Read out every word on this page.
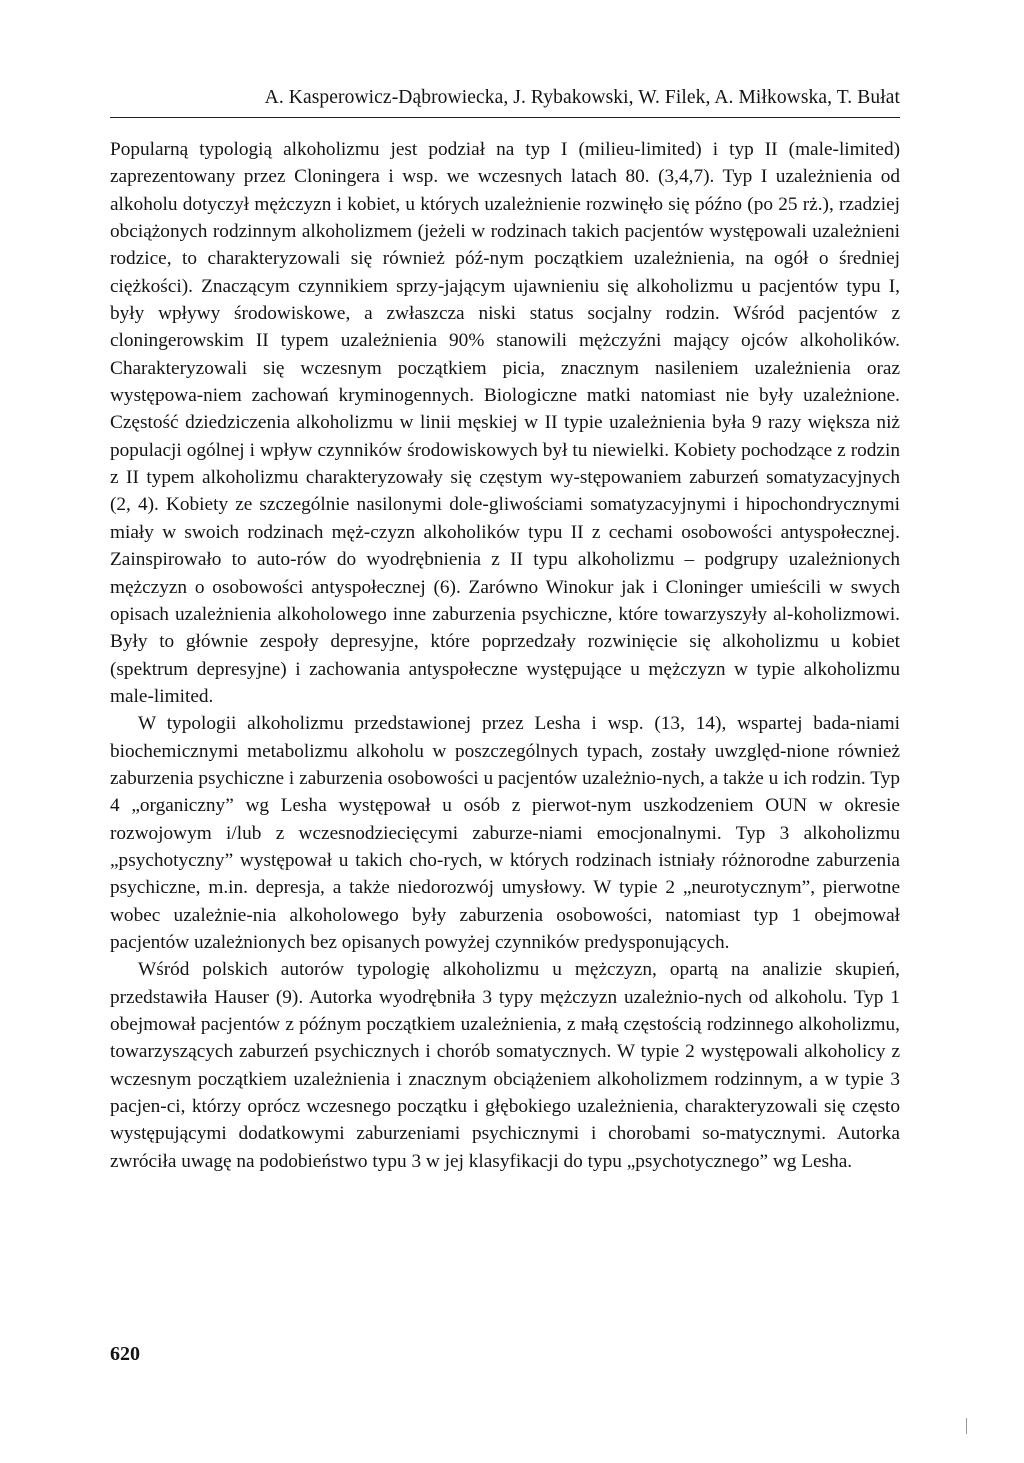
A. Kasperowicz-Dąbrowiecka, J. Rybakowski, W. Filek, A. Miłkowska, T. Bułat

Popularną typologią alkoholizmu jest podział na typ I (milieu-limited) i typ II (male-limited) zaprezentowany przez Cloningera i wsp. we wczesnych latach 80. (3,4,7). Typ I uzależnienia od alkoholu dotyczył mężczyzn i kobiet, u których uzależnienie rozwinęło się późno (po 25 rż.), rzadziej obciążonych rodzinnym alkoholizmem (jeżeli w rodzinach takich pacjentów występowali uzależnieni rodzice, to charakteryzowali się również póź-nym początkiem uzależnienia, na ogół o średniej ciężkości). Znaczącym czynnikiem sprzy-jającym ujawnieniu się alkoholizmu u pacjentów typu I, były wpływy środowiskowe, a zwłaszcza niski status socjalny rodzin. Wśród pacjentów z cloningerowskim II typem uzależnienia 90% stanowili mężczyźni mający ojców alkoholików. Charakteryzowali się wczesnym początkiem picia, znacznym nasileniem uzależnienia oraz występowa-niem zachowań kryminogennych. Biologiczne matki natomiast nie były uzależnione. Częstość dziedziczenia alkoholizmu w linii męskiej w II typie uzależnienia była 9 razy większa niż populacji ogólnej i wpływ czynników środowiskowych był tu niewielki. Kobiety pochodzące z rodzin z II typem alkoholizmu charakteryzowały się częstym wy-stępowaniem zaburzeń somatyzacyjnych (2, 4). Kobiety ze szczególnie nasilonymi dole-gliwościami somatyzacyjnymi i hipochondrycznymi miały w swoich rodzinach męż-czyzn alkoholików typu II z cechami osobowości antyspołecznej. Zainspirowało to auto-rów do wyodrębnienia z II typu alkoholizmu – podgrupy uzależnionych mężczyzn o osobowości antyspołecznej (6). Zarówno Winokur jak i Cloninger umieścili w swych opisach uzależnienia alkoholowego inne zaburzenia psychiczne, które towarzyszyły al-koholizmowi. Były to głównie zespoły depresyjne, które poprzedzały rozwinięcie się alkoholizmu u kobiet (spektrum depresyjne) i zachowania antyspołeczne występujące u mężczyzn w typie alkoholizmu male-limited.

W typologii alkoholizmu przedstawionej przez Lesha i wsp. (13, 14), wspartej bada-niami biochemicznymi metabolizmu alkoholu w poszczególnych typach, zostały uwzględ-nione również zaburzenia psychiczne i zaburzenia osobowości u pacjentów uzależnio-nych, a także u ich rodzin. Typ 4 „organiczny” wg Lesha występował u osób z pierwot-nym uszkodzeniem OUN w okresie rozwojowym i/lub z wczesnodziecięcymi zaburze-niami emocjonalnymi. Typ 3 alkoholizmu „psychotyczny” występował u takich cho-rych, w których rodzinach istniały różnorodne zaburzenia psychiczne, m.in. depresja, a także niedorozwój umysłowy. W typie 2 „neurotycznym”, pierwotne wobec uzależnie-nia alkoholowego były zaburzenia osobowości, natomiast typ 1 obejmował pacjentów uzależnionych bez opisanych powyżej czynników predysponujących.

Wśród polskich autorów typologię alkoholizmu u mężczyzn, opartą na analizie skupień, przedstawiła Hauser (9). Autorka wyodrębniła 3 typy mężczyzn uzależnio-nych od alkoholu. Typ 1 obejmował pacjentów z późnym początkiem uzależnienia, z małą częstością rodzinnego alkoholizmu, towarzyszących zaburzeń psychicznych i chorób somatycznych. W typie 2 występowali alkoholicy z wczesnym początkiem uzależnienia i znacznym obciążeniem alkoholizmem rodzinnym, a w typie 3 pacjen-ci, którzy oprócz wczesnego początku i głębokiego uzależnienia, charakteryzowali się często występującymi dodatkowymi zaburzeniami psychicznymi i chorobami so-matycznymi. Autorka zwróciła uwagę na podobieństwo typu 3 w jej klasyfikacji do typu „psychotycznego” wg Lesha.

620
